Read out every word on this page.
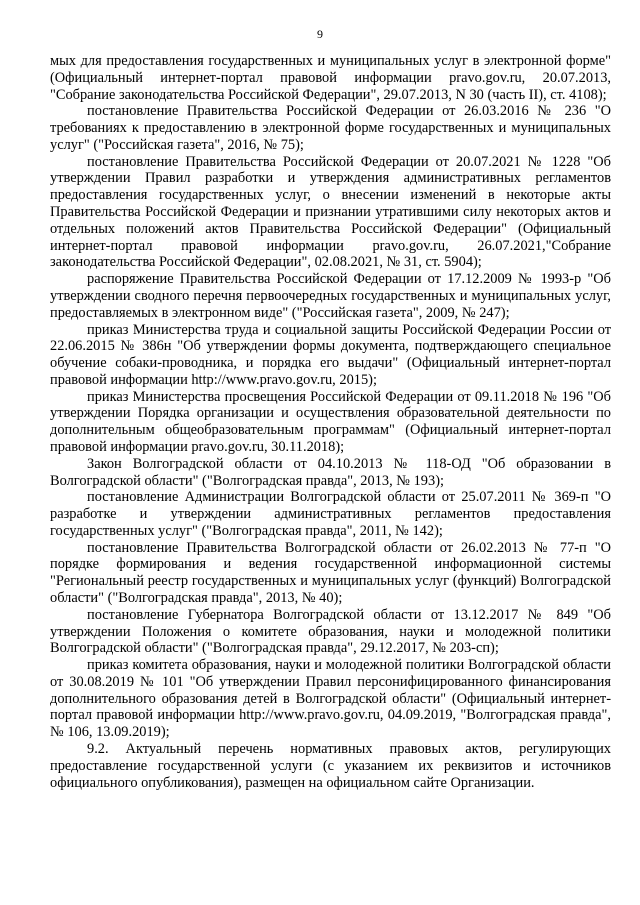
9

мых для предоставления государственных и муниципальных услуг в электронной форме" (Официальный интернет-портал правовой информации pravo.gov.ru, 20.07.2013, "Собрание законодательства Российской Федерации", 29.07.2013, N 30 (часть II), ст. 4108);

постановление Правительства Российской Федерации от 26.03.2016 № 236 "О требованиях к предоставлению в электронной форме государственных и муниципальных услуг" ("Российская газета", 2016, № 75);

постановление Правительства Российской Федерации от 20.07.2021 № 1228 "Об утверждении Правил разработки и утверждения административных регламентов предоставления государственных услуг, о внесении изменений в некоторые акты Правительства Российской Федерации и признании утратившими силу некоторых актов и отдельных положений актов Правительства Российской Федерации" (Официальный интернет-портал правовой информации pravo.gov.ru, 26.07.2021,"Собрание законодательства Российской Федерации", 02.08.2021, № 31, ст. 5904);

распоряжение Правительства Российской Федерации от 17.12.2009 № 1993-р "Об утверждении сводного перечня первоочередных государственных и муниципальных услуг, предоставляемых в электронном виде" ("Российская газета", 2009, № 247);

приказ Министерства труда и социальной защиты Российской Федерации России от 22.06.2015 № 386н "Об утверждении формы документа, подтверждающего специальное обучение собаки-проводника, и порядка его выдачи" (Официальный интернет-портал правовой информации http://www.pravo.gov.ru, 2015);

приказ Министерства просвещения Российской Федерации от 09.11.2018 № 196 "Об утверждении Порядка организации и осуществления образовательной деятельности по дополнительным общеобразовательным программам" (Официальный интернет-портал правовой информации pravo.gov.ru, 30.11.2018);

Закон Волгоградской области от 04.10.2013 № 118-ОД "Об образовании в Волгоградской области" ("Волгоградская правда", 2013, № 193);

постановление Администрации Волгоградской области от 25.07.2011 № 369-п "О разработке и утверждении административных регламентов предоставления государственных услуг" ("Волгоградская правда", 2011, № 142);

постановление Правительства Волгоградской области от 26.02.2013 № 77-п "О порядке формирования и ведения государственной информационной системы "Региональный реестр государственных и муниципальных услуг (функций) Волгоградской области" ("Волгоградская правда", 2013, № 40);

постановление Губернатора Волгоградской области от 13.12.2017 № 849 "Об утверждении Положения о комитете образования, науки и молодежной политики Волгоградской области" ("Волгоградская правда", 29.12.2017, № 203-сп);

приказ комитета образования, науки и молодежной политики Волгоградской области от 30.08.2019 № 101 "Об утверждении Правил персонифицированного финансирования дополнительного образования детей в Волгоградской области" (Официальный интернет-портал правовой информации http://www.pravo.gov.ru, 04.09.2019, "Волгоградская правда", № 106, 13.09.2019);

9.2. Актуальный перечень нормативных правовых актов, регулирующих предоставление государственной услуги (с указанием их реквизитов и источников официального опубликования), размещен на официальном сайте Организации.
